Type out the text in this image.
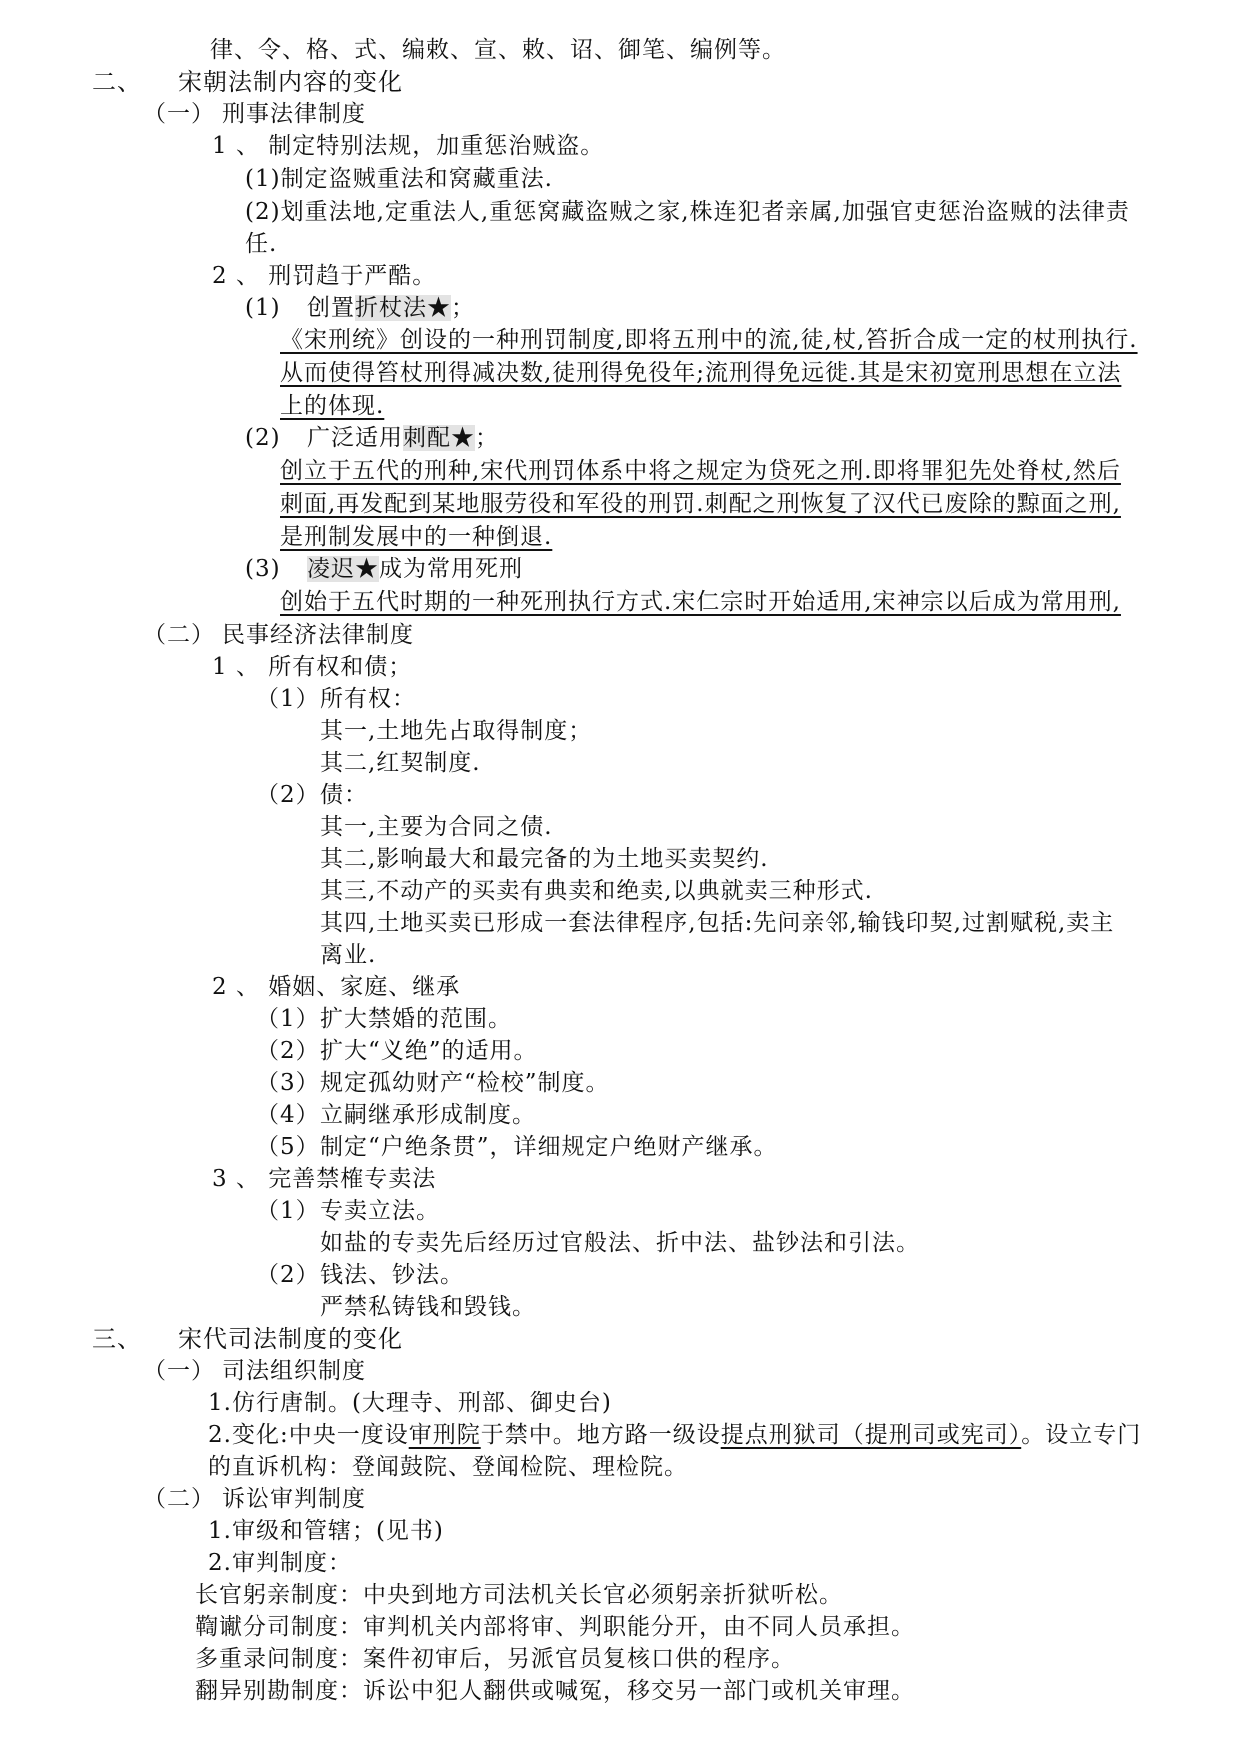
律、令、格、式、编敕、宣、敕、诏、御笔、编例等。
二、 宋朝法制内容的变化
（一） 刑事法律制度
1 、 制定特别法规，加重惩治贼盗。
(1)制定盗贼重法和窝藏重法.
(2)划重法地,定重法人,重惩窝藏盗贼之家,株连犯者亲属,加强官吏惩治盗贼的法律责
任.
2 、 刑罚趋于严酷。
(1) 创置折杖法★；
《宋刑统》创设的一种刑罚制度,即将五刑中的流,徒,杖,笞折合成一定的杖刑执行.
从而使得笞杖刑得减决数,徒刑得免役年;流刑得免远徙.其是宋初宽刑思想在立法
上的体现.
(2) 广泛适用刺配★；
创立于五代的刑种,宋代刑罚体系中将之规定为贷死之刑.即将罪犯先处脊杖,然后
刺面,再发配到某地服劳役和军役的刑罚.刺配之刑恢复了汉代已废除的黥面之刑,
是刑制发展中的一种倒退.
(3) 凌迟★成为常用死刑
创始于五代时期的一种死刑执行方式.宋仁宗时开始适用,宋神宗以后成为常用刑,
（二） 民事经济法律制度
1 、 所有权和债；
（1） 所有权：
其一,土地先占取得制度；
其二,红契制度.
（2） 债：
其一,主要为合同之债.
其二,影响最大和最完备的为土地买卖契约.
其三,不动产的买卖有典卖和绝卖,以典就卖三种形式.
其四,土地买卖已形成一套法律程序,包括:先问亲邻,输钱印契,过割赋税,卖主
离业.
2 、 婚姻、家庭、继承
（1） 扩大禁婚的范围。
（2） 扩大“义绝”的适用。
（3） 规定孤幼财产“检校”制度。
（4） 立嗣继承形成制度。
（5） 制定“户绝条贯”，详细规定户绝财产继承。
3 、 完善禁榷专卖法
（1） 专卖立法。
如盐的专卖先后经历过官般法、折中法、盐钞法和引法。
（2） 钱法、钞法。
严禁私铸钱和毁钱。
三、 宋代司法制度的变化
（一） 司法组织制度
1.仿行唐制。(大理寺、刑部、御史台)
2.变化:中央一度设审刑院于禁中。地方路一级设提点刑狱司（提刑司或宪司）。设立专门
的直诉机构：登闻鼓院、登闻检院、理检院。
（二） 诉讼审判制度
1.审级和管辖；(见书)
2.审判制度：
长官躬亲制度：中央到地方司法机关长官必须躬亲折狱听松。
鞫谳分司制度：审判机关内部将审、判职能分开，由不同人员承担。
多重录问制度：案件初审后，另派官员复核口供的程序。
翻异别勘制度：诉讼中犯人翻供或喊冤，移交另一部门或机关审理。
